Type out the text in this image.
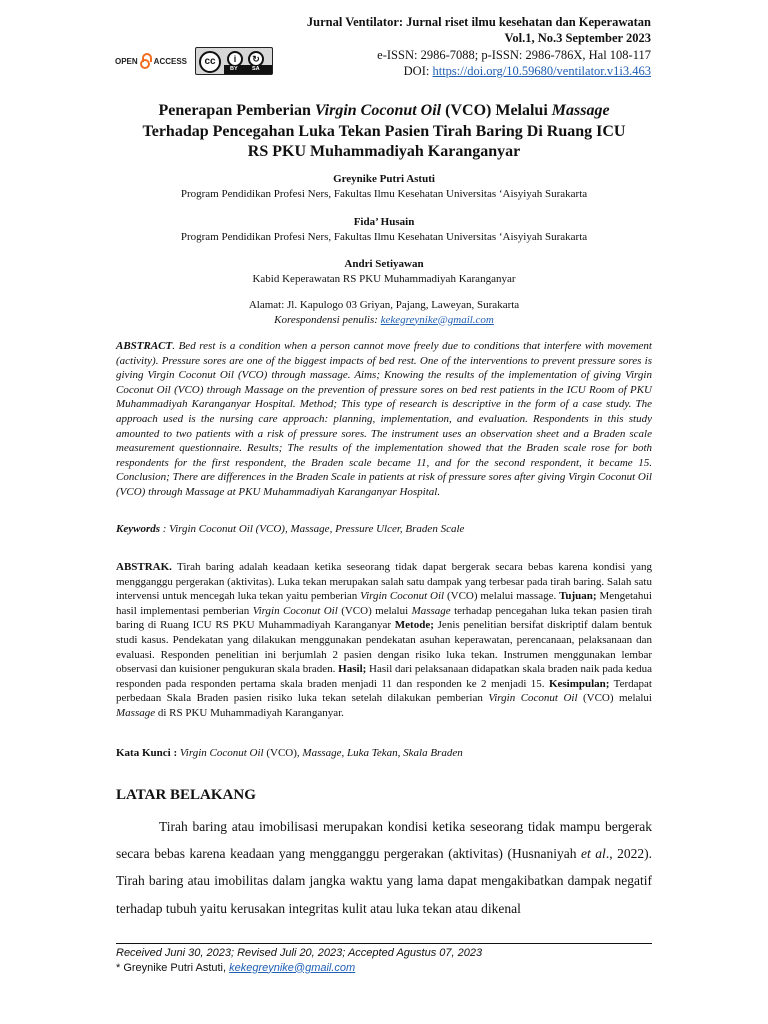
OPEN ACCESS	cc	i	↻
BY	SA
Jurnal Ventilator: Jurnal riset ilmu kesehatan dan Keperawatan
Vol.1, No.3 September 2023
e-ISSN: 2986-7088; p-ISSN: 2986-786X, Hal 108-117
DOI: https://doi.org/10.59680/ventilator.v1i3.463
Penerapan Pemberian Virgin Coconut Oil (VCO) Melalui Massage
Terhadap Pencegahan Luka Tekan Pasien Tirah Baring Di Ruang ICU
RS PKU Muhammadiyah Karanganyar
Greynike Putri Astuti
Program Pendidikan Profesi Ners, Fakultas Ilmu Kesehatan Universitas ‘Aisyiyah Surakarta
Fida’ Husain
Program Pendidikan Profesi Ners, Fakultas Ilmu Kesehatan Universitas ‘Aisyiyah Surakarta
Andri Setiyawan
Kabid Keperawatan RS PKU Muhammadiyah Karanganyar
Alamat: Jl. Kapulogo 03 Griyan, Pajang, Laweyan, Surakarta
Korespondensi penulis: kekegreynike@gmail.com
ABSTRACT. Bed rest is a condition when a person cannot move freely due to conditions that interfere with movement (activity). Pressure sores are one of the biggest impacts of bed rest. One of the interventions to prevent pressure sores is giving Virgin Coconut Oil (VCO) through massage. Aims; Knowing the results of the implementation of giving Virgin Coconut Oil (VCO) through Massage on the prevention of pressure sores on bed rest patients in the ICU Room of PKU Muhammadiyah Karanganyar Hospital. Method; This type of research is descriptive in the form of a case study. The approach used is the nursing care approach: planning, implementation, and evaluation. Respondents in this study amounted to two patients with a risk of pressure sores. The instrument uses an observation sheet and a Braden scale measurement questionnaire. Results; The results of the implementation showed that the Braden scale rose for both respondents for the first respondent, the Braden scale became 11, and for the second respondent, it became 15. Conclusion; There are differences in the Braden Scale in patients at risk of pressure sores after giving Virgin Coconut Oil (VCO) through Massage at PKU Muhammadiyah Karanganyar Hospital.
Keywords : Virgin Coconut Oil (VCO), Massage, Pressure Ulcer, Braden Scale
ABSTRAK. Tirah baring adalah keadaan ketika seseorang tidak dapat bergerak secara bebas karena kondisi yang mengganggu pergerakan (aktivitas). Luka tekan merupakan salah satu dampak yang terbesar pada tirah baring. Salah satu intervensi untuk mencegah luka tekan yaitu pemberian Virgin Coconut Oil (VCO) melalui massage. Tujuan; Mengetahui hasil implementasi pemberian Virgin Coconut Oil (VCO) melalui Massage terhadap pencegahan luka tekan pasien tirah baring di Ruang ICU RS PKU Muhammadiyah Karanganyar Metode; Jenis penelitian bersifat diskriptif dalam bentuk studi kasus. Pendekatan yang dilakukan menggunakan pendekatan asuhan keperawatan, perencanaan, pelaksanaan dan evaluasi. Responden penelitian ini berjumlah 2 pasien dengan risiko luka tekan. Instrumen menggunakan lembar observasi dan kuisioner pengukuran skala braden. Hasil; Hasil dari pelaksanaan didapatkan skala braden naik pada kedua responden pada responden pertama skala braden menjadi 11 dan responden ke 2 menjadi 15. Kesimpulan; Terdapat perbedaan Skala Braden pasien risiko luka tekan setelah dilakukan pemberian Virgin Coconut Oil (VCO) melalui Massage di RS PKU Muhammadiyah Karanganyar.
Kata Kunci : Virgin Coconut Oil (VCO), Massage, Luka Tekan, Skala Braden
LATAR BELAKANG
Tirah baring atau imobilisasi merupakan kondisi ketika seseorang tidak mampu bergerak secara bebas karena keadaan yang mengganggu pergerakan (aktivitas) (Husnaniyah et al., 2022). Tirah baring atau imobilitas dalam jangka waktu yang lama dapat mengakibatkan dampak negatif terhadap tubuh yaitu kerusakan integritas kulit atau luka tekan atau dikenal
Received Juni 30, 2023; Revised Juli 20, 2023; Accepted Agustus 07, 2023
* Greynike Putri Astuti, kekegreynike@gmail.com
